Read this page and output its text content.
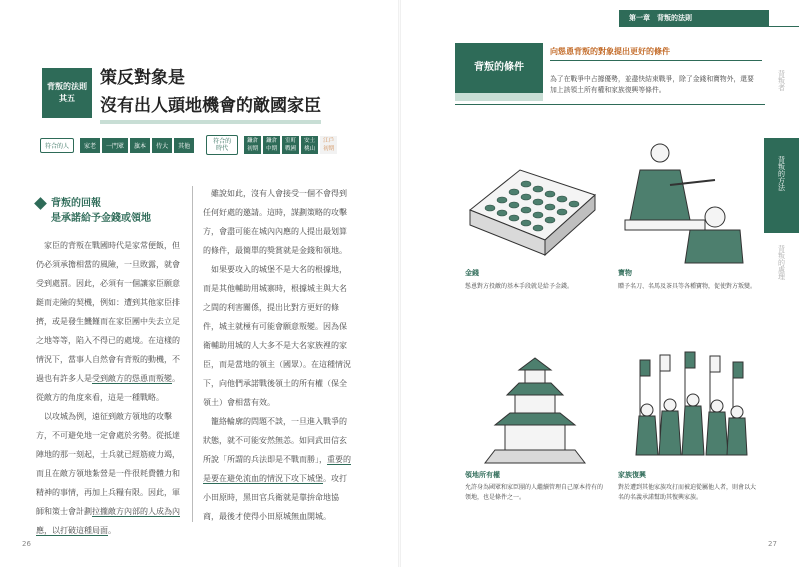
背叛的法則
其五
策反對象是
沒有出人頭地機會的敵國家臣
符合的人	家老	一門眾	旗本	侍大	其他
符合的時代
鐮倉初期
鐮倉中期
室町戰國
安土桃山
江戶初期
背叛的回報
是承諾給予金錢或領地

家臣的背叛在戰國時代是家常便飯，但仍必須承擔相當的風險，一旦敗露，就會受到處罰。因此，必須有一個讓家臣願意鋌而走險的契機，例如：遭到其他家臣排擠，或是發生饑饉而在家臣團中失去立足之地等等，陷入不得已的處境。在這樣的情況下，當事人自然會有背叛的動機，不過也有許多人是受到敵方的慫恿而叛變。從敵方的角度來看，這是一種戰略。

以攻城為例，遠征到敵方領地的攻擊方，不可避免地一定會處於劣勢。從抵達陣地的那一刻起，士兵就已經筋疲力竭，而且在敵方領地紮營是一件很耗費體力和精神的事情，再加上兵糧有限。因此，軍師和策士會計劃拉攏敵方內部的人成為內應，以打破這種局面。

雖說如此，沒有人會接受一個不會得到任何好處的邀請。這時，謀劃策略的攻擊方，會盡可能在城內內應的人提出最划算的條件，最簡單的獎賞就是金錢和領地。

如果要攻入的城堡不是大名的根據地，而是其他輔助用城寨時，根據城主與大名之間的利害關係，提出比對方更好的條件，城主就極有可能會願意叛變。因為保衛輔助用城的人大多不是大名家族裡的家臣，而是當地的領主（國眾）。在這種情況下，向他們承諾戰後領土的所有權（保全領土）會相當有效。

籠絡輪廓的問題不談，一旦進入戰爭的狀態，就不可能安然無恙。如同武田信玄所說「所謂的兵法即是不戰而勝」，重要的是要在避免流血的情況下攻下城堡。攻打小田原時，黑田官兵衛就是靠拚命地協商，最後才使得小田原城無血開城。

26
第一章　背叛的法則
背叛的條件
向慫恿背叛的對象提出更好的條件
為了在戰爭中占據優勢，並盡快結束戰爭，除了金錢和寶物外，還要加上該領土所有權和家族復興等條件。	背叛者
背叛的方法
背叛的處理
金錢
慫恿對方投敵的基本手段就是給予金錢。
寶物
贈予名刀、名馬及茶具等各種寶物，促使對方叛變。
領地所有權
允許身為國眾和家臣團的人繼續管理自己原本持有的領地，也是條件之一。
家族復興
對於遭到其他家族攻打而被迫從屬他人者，則會以大名的名義承諾幫助其復興家族。
27
